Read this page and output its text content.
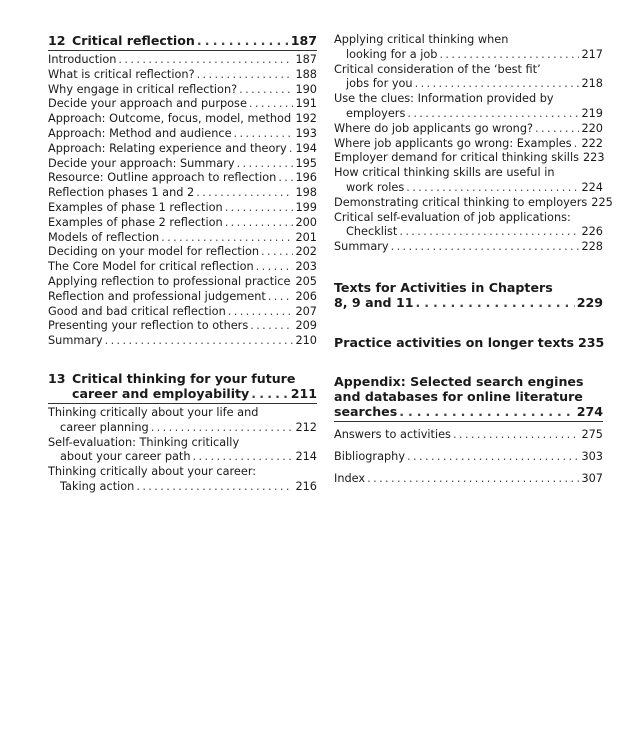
12 Critical reflection . . .	187
Introduction . . .	187
What is critical reflection? . . .	188
Why engage in critical reflection? . . .	190
Decide your approach and purpose . . .	191
Approach: Outcome, focus, model, method . . . 192
Approach: Method and audience . . .	193
Approach: Relating experience and theory . . . 194
Decide your approach: Summary . . .	195
Resource: Outline approach to reflection . . . 196
Reflection phases 1 and 2 . . .	198
Examples of phase 1 reflection . . .	199
Examples of phase 2 reflection . . .	200
Models of reflection . . .	201
Deciding on your model for reflection . . .	202
The Core Model for critical reflection . . .	203
Applying reflection to professional practice . . . 205
Reflection and professional judgement . . .	206
Good and bad critical reflection . . .	207
Presenting your reflection to others . . .	209
Summary . . .	210
13 Critical thinking for your future
career and employability . . .	211
Thinking critically about your life and
career planning . . .	212
Self-evaluation: Thinking critically
about your career path . . .	214
Thinking critically about your career:
Taking action . . .	216
Applying critical thinking when
looking for a job . . .	217
Critical consideration of the ‘best fit’
jobs for you . . .	218
Use the clues: Information provided by
employers . . .	219
Where do job applicants go wrong? . . .	220
Where job applicants go wrong: Examples . . . 222
Employer demand for critical thinking skills 223
How critical thinking skills are useful in
work roles . . .	224
Demonstrating critical thinking to employers 225
Critical self-evaluation of job applications:
Checklist . . .	226
Summary . . .	228
Texts for Activities in Chapters
8, 9 and 11 . . .	229
Practice activities on longer texts 235
Appendix: Selected search engines
and databases for online literature
searches . . .	274
Answers to activities . . .	275
Bibliography . . .	303
Index . . .	307
